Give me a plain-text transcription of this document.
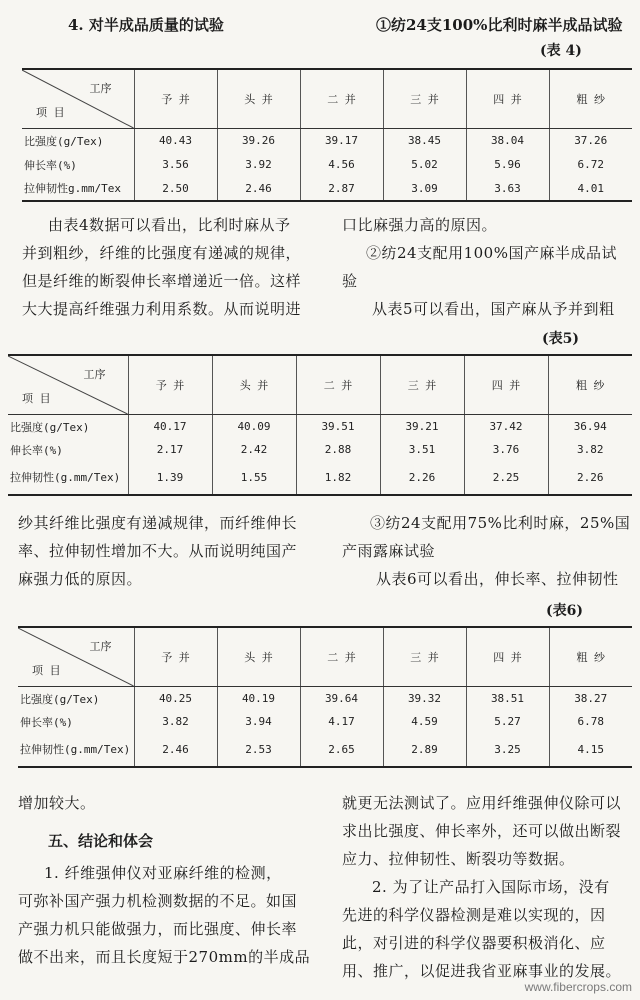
4. 对半成品质量的试验	①纺24支100%比利时麻半成品试验
(表 4)
工序
项 目	予 并	头 并	二 并	三 并	四 并	粗 纱
比强度(g/Tex)	40.43	39.26	39.17	38.45	38.04	37.26
伸长率(%)	3.56	3.92	4.56	5.02	5.96	6.72
拉伸韧性g.mm/Tex	2.50	2.46	2.87	3.09	3.63	4.01
由表4数据可以看出，比利时麻从予
并到粗纱，纤维的比强度有递减的规律，
但是纤维的断裂伸长率增递近一倍。这样
大大提高纤维强力利用系数。从而说明进
口比麻强力高的原因。
②纺24支配用100%国产麻半成品试
验
从表5可以看出，国产麻从予并到粗
(表5)
工序
项 目	予 并	头 并	二 并	三 并	四 并	粗 纱
比强度(g/Tex)	40.17	40.09	39.51	39.21	37.42	36.94
伸长率(%)	2.17	2.42	2.88	3.51	3.76	3.82
拉伸韧性(g.mm/Tex)	1.39	1.55	1.82	2.26	2.25	2.26
纱其纤维比强度有递减规律，而纤维伸长
率、拉伸韧性增加不大。从而说明纯国产
麻强力低的原因。
③纺24支配用75%比利时麻，25%国
产雨露麻试验
从表6可以看出，伸长率、拉伸韧性
(表6)
工序
项 目	予 并	头 并	二 并	三 并	四 并	粗 纱
比强度(g/Tex)	40.25	40.19	39.64	39.32	38.51	38.27
伸长率(%)	3.82	3.94	4.17	4.59	5.27	6.78
拉伸韧性(g.mm/Tex)	2.46	2.53	2.65	2.89	3.25	4.15
增加较大。
五、结论和体会
1. 纤维强伸仪对亚麻纤维的检测，
可弥补国产强力机检测数据的不足。如国
产强力机只能做强力，而比强度、伸长率
做不出来，而且长度短于270mm的半成品
就更无法测试了。应用纤维强伸仪除可以
求出比强度、伸长率外，还可以做出断裂
应力、拉伸韧性、断裂功等数据。
2. 为了让产品打入国际市场，没有
先进的科学仪器检测是难以实现的，因
此，对引进的科学仪器要积极消化、应
用、推广，以促进我省亚麻事业的发展。
www.fibercrops.com
